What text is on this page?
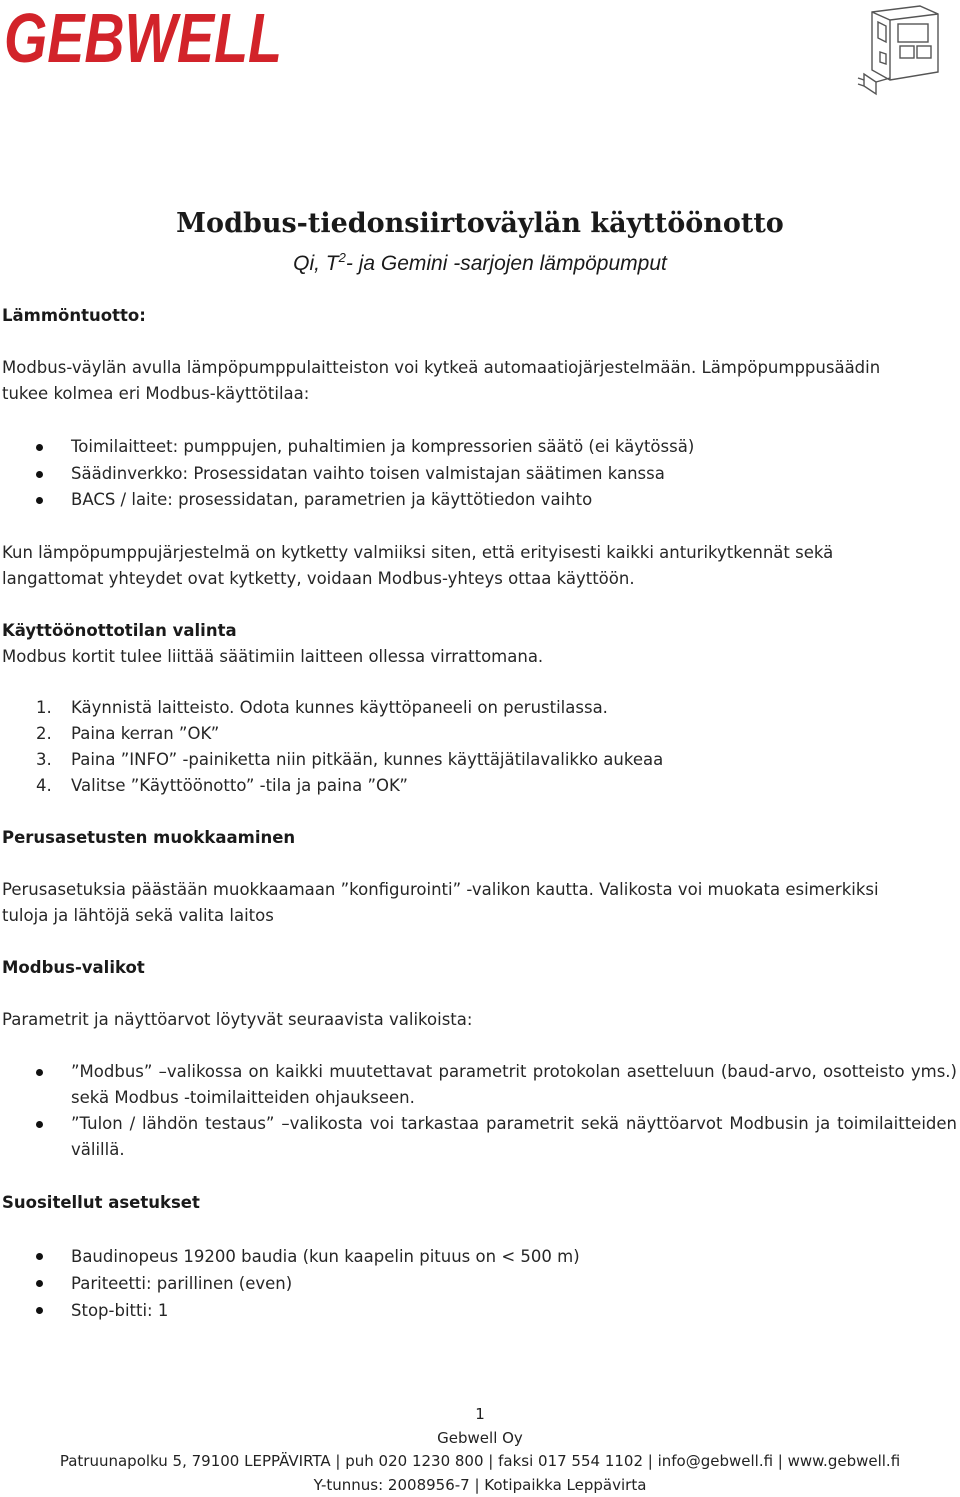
GEBWELL
Modbus-tiedonsiirtoväylän käyttöönotto
Qi, $T^2-$ ja Gemini -sarjojen lämpöpumput

Lämmöntuotto:

Modbus-väylän avulla lämpöpumppulaitteiston voi kytkeä automaatiojärjestelmään. Lämpöpumppusäädin

tukee kolmea eri Modbus-käyttötilaa:

Toimilaitteet: pumppujen, puhaltimien ja kompressorien säätö (ei käytössä)
Säädinverkko: Prosessidatan vaihto toisen valmistajan säätimen kanssa
BACS / laite: prosessidatan, parametrien ja käyttötiedon vaihto

Kun lämpöpumppujärjestelmä on kytketty valmiiksi siten, että erityisesti kaikki anturikytkennät sekä

langattomat yhteydet ovat kytketty, voidaan Modbus-yhteys ottaa käyttöön.

Käyttöönottotilan valinta

Modbus kortit tulee liittää säätimiin laitteen ollessa virrattomana.

1. Käynnistä laitteisto. Odota kunnes käyttöpaneeli on perustilassa.
2. Paina kerran ”OK”
3. Paina ”INFO” -painiketta niin pitkään, kunnes käyttäjätilavalikko aukeaa
4. Valitse ”Käyttöönotto” -tila ja paina ”OK”

Perusasetusten muokkaaminen

Perusasetuksia päästään muokkaamaan ”konfigurointi” -valikon kautta. Valikosta voi muokata esimerkiksi

tuloja ja lähtöjä sekä valita laitos

Modbus-valikot

Parametrit ja näyttöarvot löytyvät seuraavista valikoista:

”Modbus” –valikossa on kaikki muutettavat parametrit protokolan asetteluun (baud-arvo, osotteisto yms.) sekä Modbus -toimilaitteiden ohjaukseen.
”Tulon / lähdön testaus” –valikosta voi tarkastaa parametrit sekä näyttöarvot Modbusin ja toimilaitteiden välillä.

Suositellut asetukset

Baudinopeus 19200 baudia (kun kaapelin pituus on < 500 m)
Pariteetti: parillinen (even)
Stop-bitti: 1
1
Gebwell Oy
Patruunapolku 5, 79100 LEPPÄVIRTA | puh 020 1230 800 | faksi 017 554 1102 | info@gebwell.fi | www.gebwell.fi
Y-tunnus: 2008956-7 | Kotipaikka Leppävirta
